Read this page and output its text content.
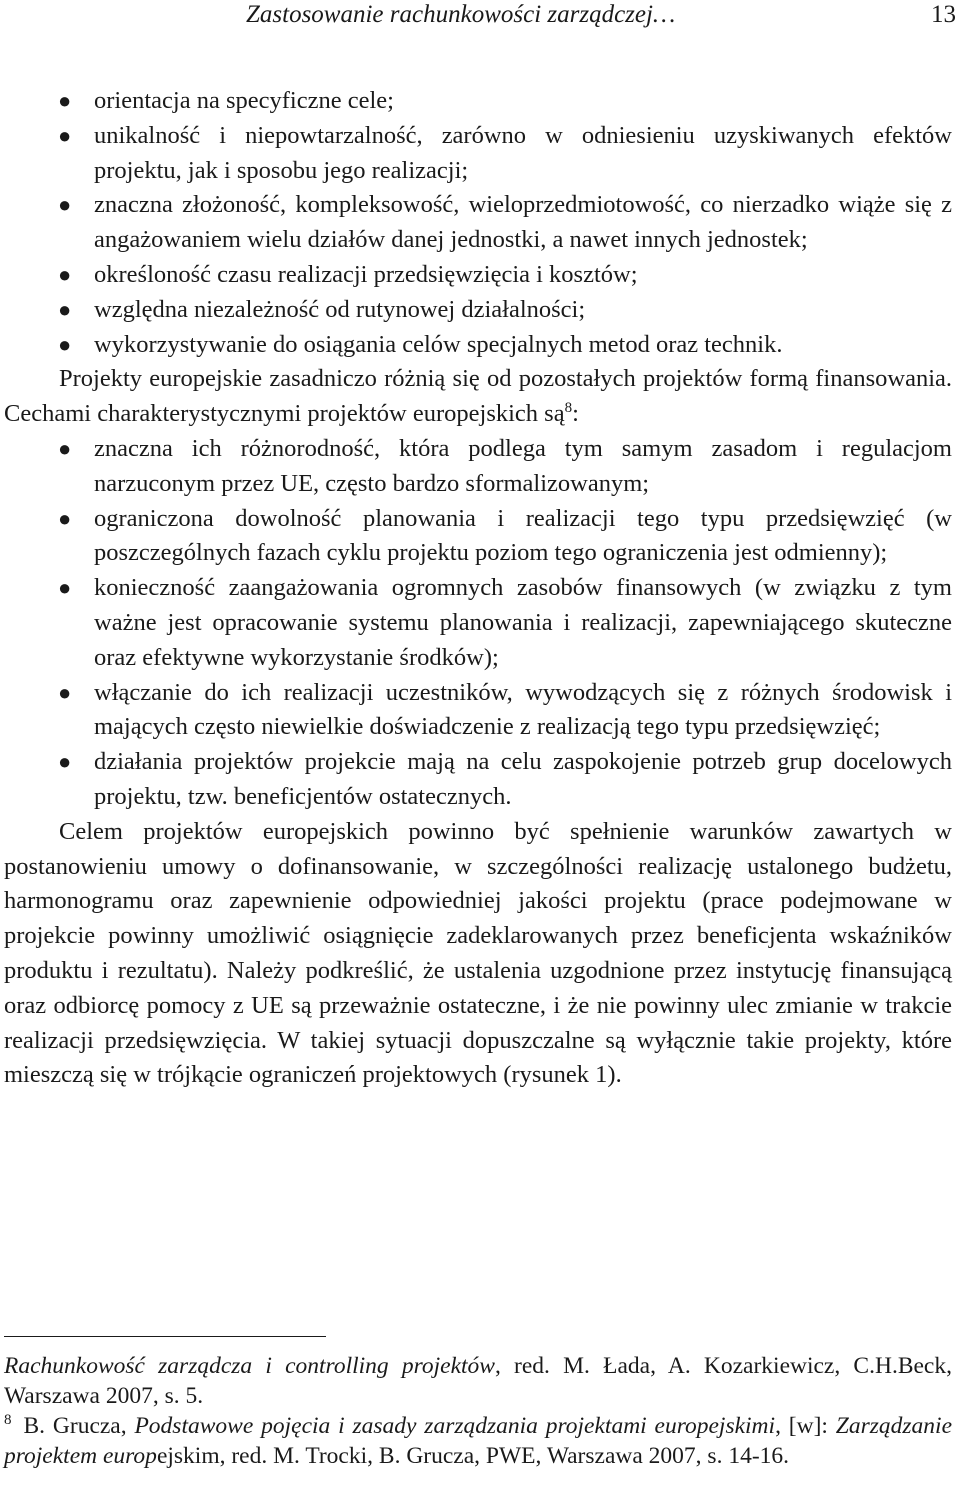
Zastosowanie rachunkowości zarządczej…	13
● orientacja na specyficzne cele;
● unikalność i niepowtarzalność, zarówno w odniesieniu uzyskiwanych efektów projektu, jak i sposobu jego realizacji;
● znaczna złożoność, kompleksowość, wieloprzedmiotowość, co nierzadko wiąże się z angażowaniem wielu działów danej jednostki, a nawet innych jednostek;
● określoność czasu realizacji przedsięwzięcia i kosztów;
● względna niezależność od rutynowej działalności;
● wykorzystywanie do osiągania celów specjalnych metod oraz technik.

Projekty europejskie zasadniczo różnią się od pozostałych projektów formą finansowania. Cechami charakterystycznymi projektów europejskich $są^8$:

● znaczna ich różnorodność, która podlega tym samym zasadom i regulacjom narzuconym przez UE, często bardzo sformalizowanym;
● ograniczona dowolność planowania i realizacji tego typu przedsięwzięć (w poszczególnych fazach cyklu projektu poziom tego ograniczenia jest odmienny);
● konieczność zaangażowania ogromnych zasobów finansowych (w związku z tym ważne jest opracowanie systemu planowania i realizacji, zapewniającego skuteczne oraz efektywne wykorzystanie środków);
● włączanie do ich realizacji uczestników, wywodzących się z różnych środowisk i mających często niewielkie doświadczenie z realizacją tego typu przedsięwzięć;
● działania projektów projekcie mają na celu zaspokojenie potrzeb grup docelowych projektu, tzw. beneficjentów ostatecznych.

Celem projektów europejskich powinno być spełnienie warunków zawartych w postanowieniu umowy o dofinansowanie, w szczególności realizację ustalonego budżetu, harmonogramu oraz zapewnienie odpowiedniej jakości projektu (prace podejmowane w projekcie powinny umożliwić osiągnięcie zadeklarowanych przez beneficjenta wskaźników produktu i rezultatu). Należy podkreślić, że ustalenia uzgodnione przez instytucję finansującą oraz odbiorcę pomocy z UE są przeważnie ostateczne, i że nie powinny ulec zmianie w trakcie realizacji przedsięwzięcia. W takiej sytuacji dopuszczalne są wyłącznie takie projekty, które mieszczą się w trójkącie ograniczeń projektowych (rysunek 1).

Rachunkowość zarządcza i controlling projektów, red. M. Łada, A. Kozarkiewicz, C.H.Beck, Warszawa 2007, s. 5.

$^8$ B. Grucza, Podstawowe pojęcia i zasady zarządzania projektami europejskimi, [w]: Zarządzanie projektem europejskim, red. M. Trocki, B. Grucza, PWE, Warszawa 2007, s. 14-16.
